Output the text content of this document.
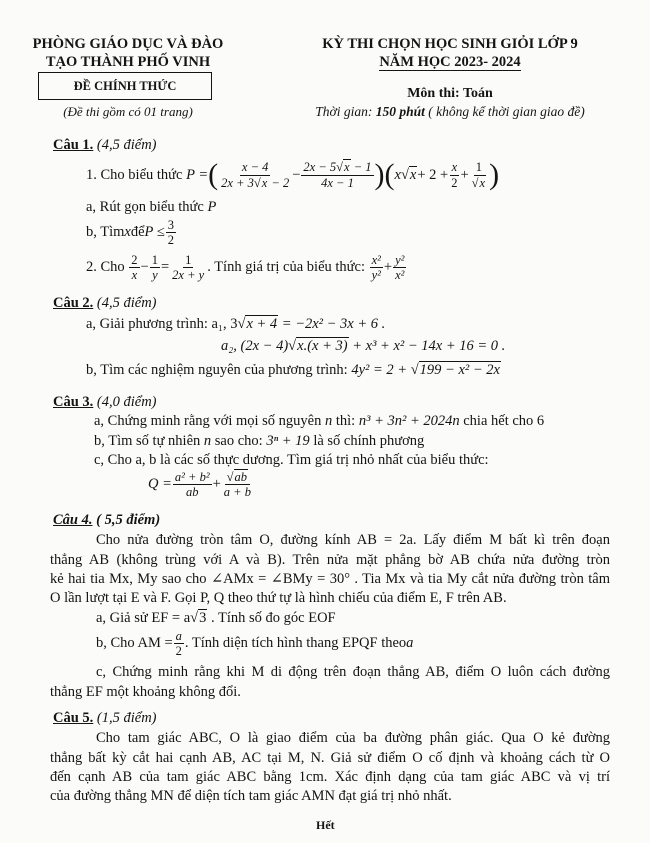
PHÒNG GIÁO DỤC VÀ ĐÀO
TẠO THÀNH PHỐ VINH
ĐỀ CHÍNH THỨC
(Đề thi gồm có 01 trang)
KỲ THI CHỌN HỌC SINH GIỎI LỚP 9
NĂM HỌC 2023- 2024
Môn thi: Toán
Thời gian: 150 phút ( không kể thời gian giao đề)
Câu 1. (4,5 điểm)
1. Cho biểu thức
P = ( $\frac{x - 4}{2x + 3√x - 2} - \frac{2x - 5√x - 1}{4x - 1}$ ) ( x $√x + 2 + \frac{x}{2} + \frac{1}{√x}$ )
a, Rút gọn biểu thức P
b, Tìm x để $P \le \frac{3}{2}$
2. Cho
$\frac{2}{x} - \frac{1}{y} = \frac{1}{2x + y}$ . Tính giá trị của biểu thức:
$\frac{\text{x²}}{\text{y²}} + \frac{\text{y²}}{\text{x²}}$
Câu 2. (4,5 điểm)
a, Giải phương trình: a₁, 3√x + 4 = −2x² − 3x + 6 .
a₂, (2x − 4)√x.(x + 3) + x³ + x² − 14x + 16 = 0 .
b, Tìm các nghiệm nguyên của phương trình: 4y² = 2 + √199 − x² − 2x
Câu 3. (4,0 điểm)
a, Chứng minh rằng với mọi số nguyên n thì: n³ + 3n² + 2024n chia hết cho 6
b, Tìm số tự nhiên n sao cho: 3ⁿ + 19 là số chính phương
c, Cho a, b là các số thực dương. Tìm giá trị nhỏ nhất của biểu thức:
$Q = \frac{\text{a² + b²}}{ab} + \frac{√ab}{a + b}$
Câu 4. ( 5,5 điểm)
Cho nửa đường tròn tâm O, đường kính AB = 2a. Lấy điểm M bất kì trên đoạn
thẳng AB (không trùng với A và B). Trên nửa mặt phẳng bờ AB chứa nửa đường tròn
kẻ hai tia Mx, My sao cho ∠AMx = ∠BMy = 30° . Tia Mx và tia My cắt nửa đường tròn tâm
O lần lượt tại E và F. Gọi P, Q theo thứ tự là hình chiếu của điểm E, F trên AB.
a, Giả sử EF = a√3 . Tính số đo góc EOF
b, Cho AM = $\frac{a}{2}$ . Tính diện tích hình thang EPQF theo a
c, Chứng minh rằng khi M di động trên đoạn thẳng AB, điểm O luôn cách đường
thẳng EF một khoảng không đổi.
Câu 5. (1,5 điểm)
Cho tam giác ABC, O là giao điểm của ba đường phân giác. Qua O kẻ đường
thẳng bất kỳ cắt hai cạnh AB, AC tại M, N. Giả sử điểm O cố định và khoảng cách từ O
đến cạnh AB của tam giác ABC bằng 1cm. Xác định dạng của tam giác ABC và vị trí
của đường thẳng MN để diện tích tam giác AMN đạt giá trị nhỏ nhất.
Hết
